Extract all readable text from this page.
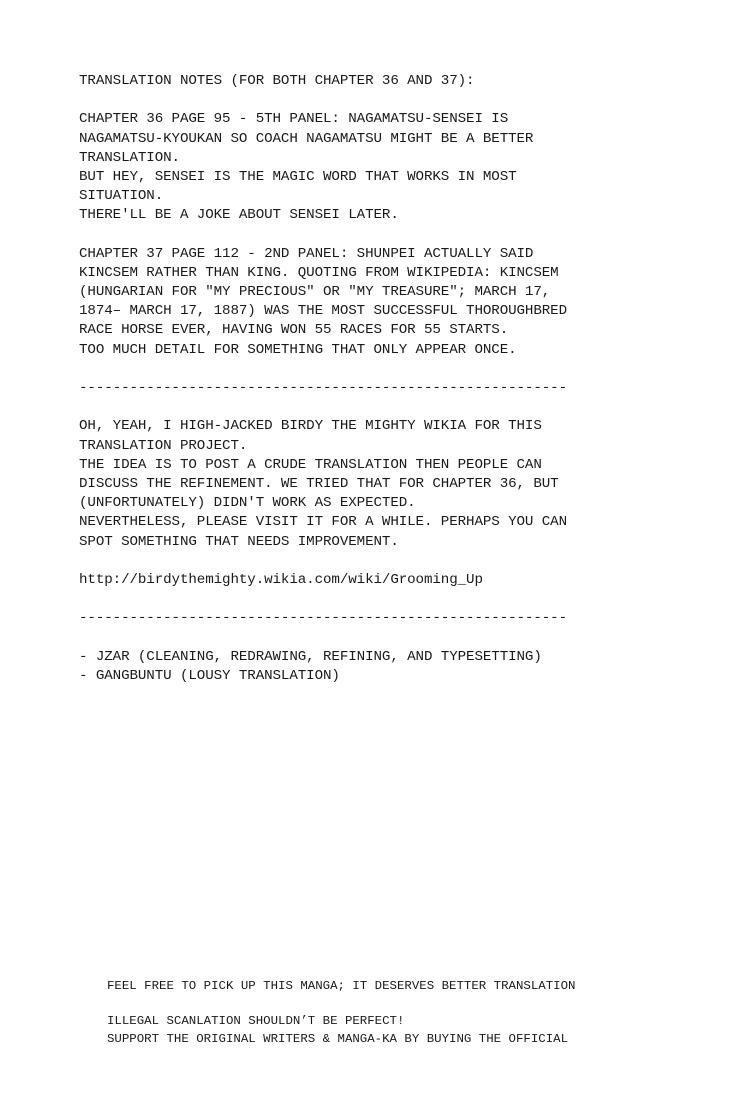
TRANSLATION NOTES (FOR BOTH CHAPTER 36 AND 37):
CHAPTER 36 PAGE 95 - 5TH PANEL: NAGAMATSU-SENSEI IS
NAGAMATSU-KYOUKAN SO COACH NAGAMATSU MIGHT BE A BETTER
TRANSLATION.
BUT HEY, SENSEI IS THE MAGIC WORD THAT WORKS IN MOST
SITUATION.
THERE'LL BE A JOKE ABOUT SENSEI LATER.
CHAPTER 37 PAGE 112 - 2ND PANEL: SHUNPEI ACTUALLY SAID
KINCSEM RATHER THAN KING. QUOTING FROM WIKIPEDIA: KINCSEM
(HUNGARIAN FOR "MY PRECIOUS" OR "MY TREASURE"; MARCH 17,
1874– MARCH 17, 1887) WAS THE MOST SUCCESSFUL THOROUGHBRED
RACE HORSE EVER, HAVING WON 55 RACES FOR 55 STARTS.
TOO MUCH DETAIL FOR SOMETHING THAT ONLY APPEAR ONCE.
----------------------------------------------------------
OH, YEAH, I HIGH-JACKED BIRDY THE MIGHTY WIKIA FOR THIS
TRANSLATION PROJECT.
THE IDEA IS TO POST A CRUDE TRANSLATION THEN PEOPLE CAN
DISCUSS THE REFINEMENT. WE TRIED THAT FOR CHAPTER 36, BUT
(UNFORTUNATELY) DIDN'T WORK AS EXPECTED.
NEVERTHELESS, PLEASE VISIT IT FOR A WHILE. PERHAPS YOU CAN
SPOT SOMETHING THAT NEEDS IMPROVEMENT.
http://birdythemighty.wikia.com/wiki/Grooming_Up
----------------------------------------------------------
- JZAR (CLEANING, REDRAWING, REFINING, AND TYPESETTING)
- GANGBUNTU (LOUSY TRANSLATION)
FEEL FREE TO PICK UP THIS MANGA; IT DESERVES BETTER TRANSLATION
ILLEGAL SCANLATION SHOULDN’T BE PERFECT!
SUPPORT THE ORIGINAL WRITERS & MANGA-KA BY BUYING THE OFFICIAL
